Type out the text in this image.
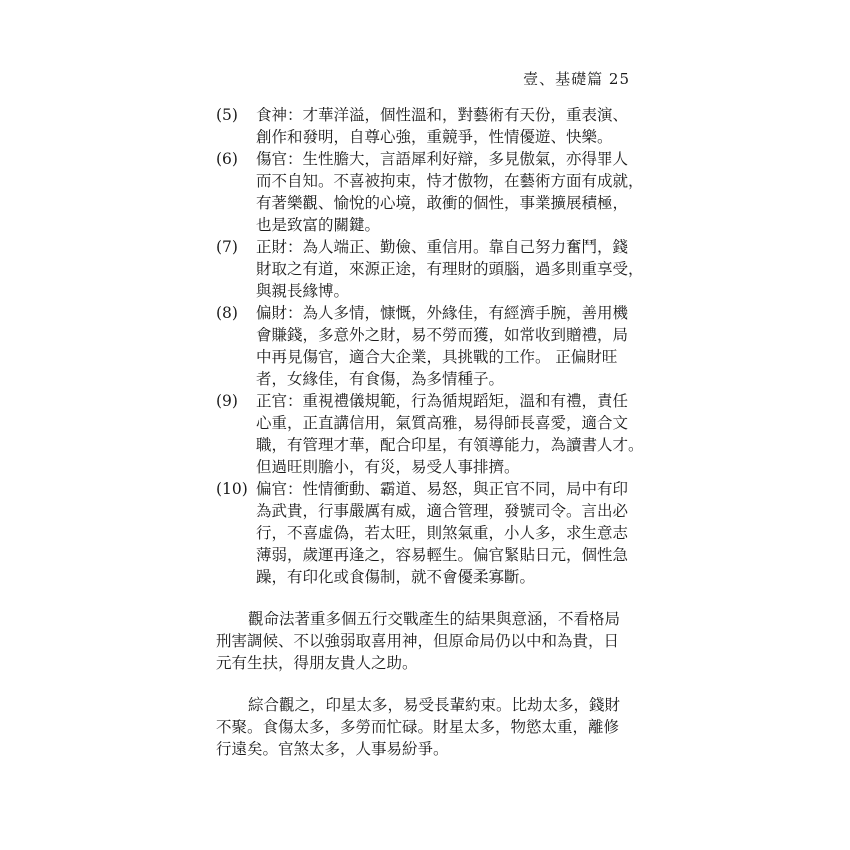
壹、基礎篇 25
(5)	食神：才華洋溢，個性溫和，對藝術有天份，重表演、
創作和發明，自尊心強，重競爭，性情優遊、快樂。
(6)	傷官：生性膽大，言語犀利好辯，多見傲氣，亦得罪人
而不自知。不喜被拘束，恃才傲物，在藝術方面有成就，
有著樂觀、愉悅的心境，敢衝的個性，事業擴展積極，
也是致富的關鍵。
(7)	正財：為人端正、勤儉、重信用。靠自己努力奮鬥，錢
財取之有道，來源正途，有理財的頭腦，過多則重享受，
與親長緣博。
(8)	偏財：為人多情，慷慨，外緣佳，有經濟手腕，善用機
會賺錢，多意外之財，易不勞而獲，如常收到贈禮，局
中再見傷官，適合大企業，具挑戰的工作。 正偏財旺
者，女緣佳，有食傷，為多情種子。
(9)	正官：重視禮儀規範，行為循規蹈矩，溫和有禮，責任
心重，正直講信用，氣質高雅，易得師長喜愛，適合文
職，有管理才華，配合印星，有領導能力，為讀書人才。
但過旺則膽小，有災，易受人事排擠。
(10) 偏官：性情衝動、霸道、易怒，與正官不同，局中有印
為武貴，行事嚴厲有威，適合管理，發號司令。言出必
行，不喜虛偽，若太旺，則煞氣重，小人多，求生意志
薄弱，歲運再逢之，容易輕生。偏官緊貼日元，個性急
躁，有印化或食傷制，就不會優柔寡斷。
觀命法著重多個五行交戰產生的結果與意涵，不看格局
刑害調候、不以強弱取喜用神，但原命局仍以中和為貴，日
元有生扶，得朋友貴人之助。
綜合觀之，印星太多，易受長輩約束。比劫太多，錢財
不聚。食傷太多，多勞而忙碌。財星太多，物慾太重，離修
行遠矣。官煞太多，人事易紛爭。
